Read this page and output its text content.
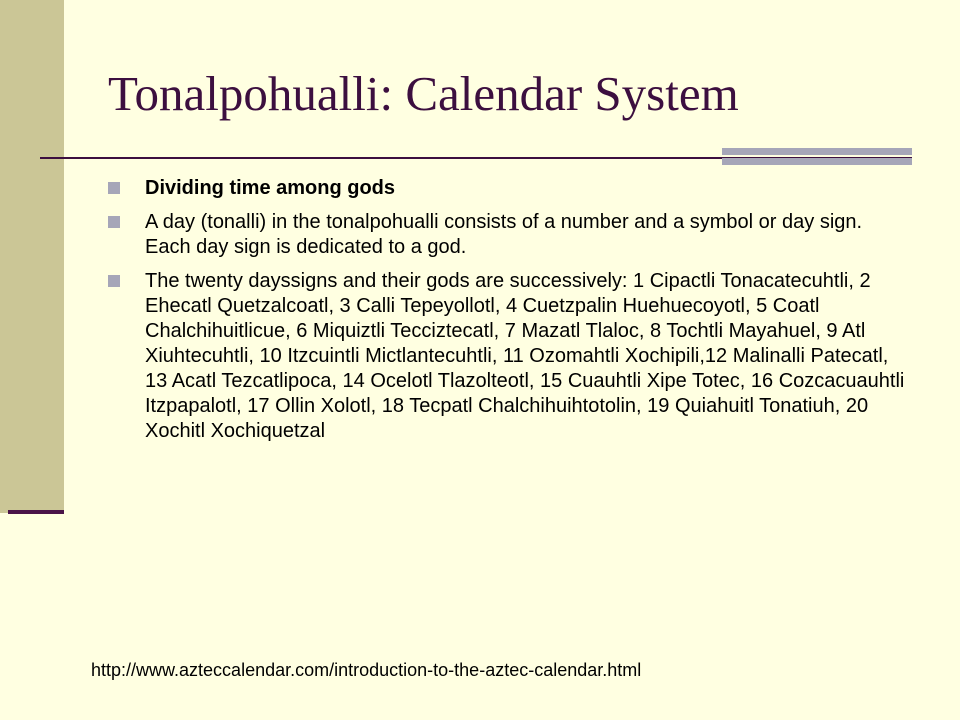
Tonalpohualli: Calendar System
Dividing time among gods
A day (tonalli) in the tonalpohualli consists of a number and a symbol or day sign. Each day sign is dedicated to a god.
The twenty dayssigns and their gods are successively: 1 Cipactli Tonacatecuhtli, 2 Ehecatl Quetzalcoatl, 3 Calli Tepeyollotl, 4 Cuetzpalin Huehuecoyotl, 5 Coatl Chalchihuitlicue, 6 Miquiztli Tecciztecatl, 7 Mazatl Tlaloc, 8 Tochtli Mayahuel, 9 Atl Xiuhtecuhtli, 10 Itzcuintli Mictlantecuhtli, 11 Ozomahtli Xochipili,12 Malinalli Patecatl, 13 Acatl Tezcatlipoca, 14 Ocelotl Tlazolteotl, 15 Cuauhtli Xipe Totec, 16 Cozcacuauhtli Itzpapalotl, 17 Ollin Xolotl, 18 Tecpatl Chalchihuihtotolin, 19 Quiahuitl Tonatiuh, 20 Xochitl Xochiquetzal
http://www.azteccalendar.com/introduction-to-the-aztec-calendar.html
